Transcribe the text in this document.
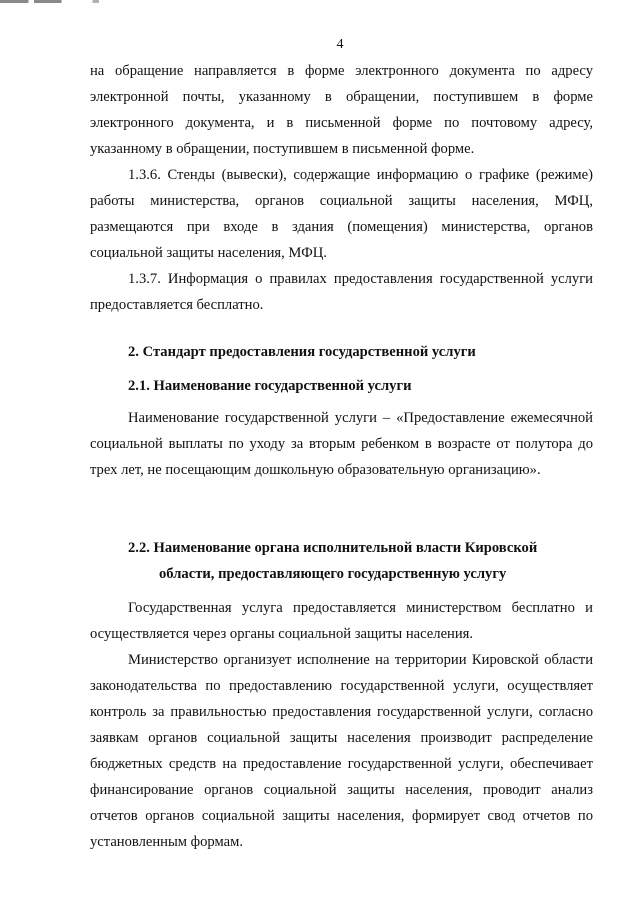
4

на обращение направляется в форме электронного документа по адресу электронной почты, указанному в обращении, поступившем в форме электронного документа, и в письменной форме по почтовому адресу, указанному в обращении, поступившем в письменной форме.

1.3.6. Стенды (вывески), содержащие информацию о графике (режиме) работы министерства, органов социальной защиты населения, МФЦ, размещаются при входе в здания (помещения) министерства, органов социальной защиты населения, МФЦ.

1.3.7. Информация о правилах предоставления государственной услуги предоставляется бесплатно.

2. Стандарт предоставления государственной услуги
2.1. Наименование государственной услуги

Наименование государственной услуги – «Предоставление ежемесячной социальной выплаты по уходу за вторым ребенком в возрасте от полутора до трех лет, не посещающим дошкольную образовательную организацию».

2.2. Наименование органа исполнительной власти Кировской
области, предоставляющего государственную услугу

Государственная услуга предоставляется министерством бесплатно и осуществляется через органы социальной защиты населения.

Министерство организует исполнение на территории Кировской области законодательства по предоставлению государственной услуги, осуществляет контроль за правильностью предоставления государственной услуги, согласно заявкам органов социальной защиты населения производит распределение бюджетных средств на предоставление государственной услуги, обеспечивает финансирование органов социальной защиты населения, проводит анализ отчетов органов социальной защиты населения, формирует свод отчетов по установленным формам.
